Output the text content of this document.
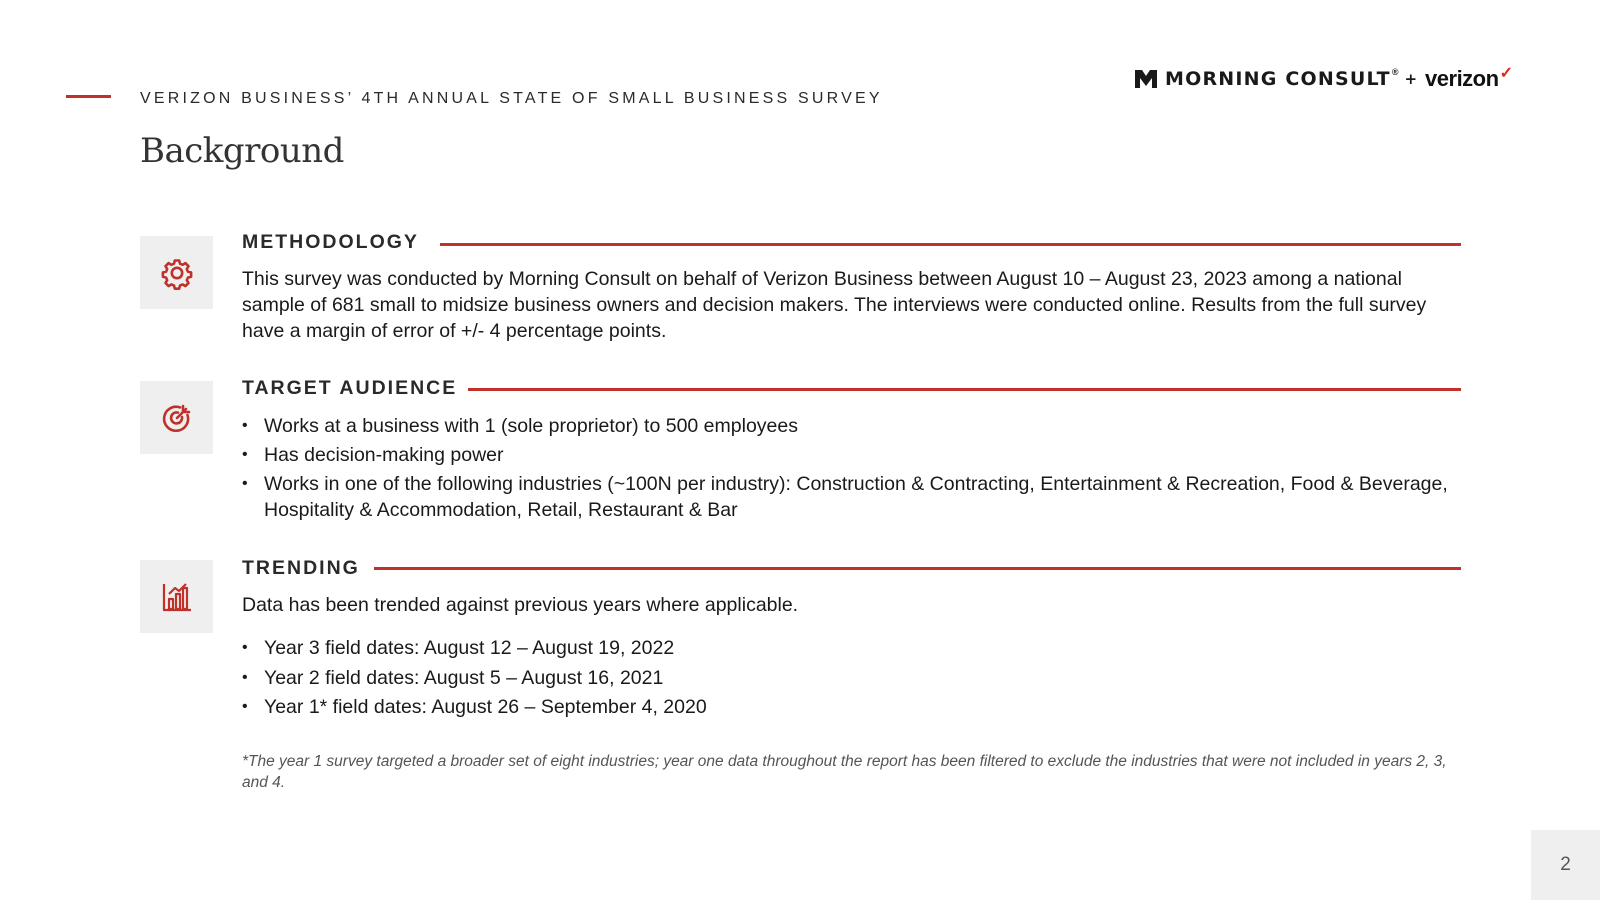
VERIZON BUSINESS’ 4TH ANNUAL STATE OF SMALL BUSINESS SURVEY
Background
MORNING CONSULT ® + verizon ✓
METHODOLOGY

This survey was conducted by Morning Consult on behalf of Verizon Business between August 10 – August 23, 2023 among a national sample of 681 small to midsize business owners and decision makers. The interviews were conducted online. Results from the full survey have a margin of error of +/- 4 percentage points.

TARGET AUDIENCE
• Works at a business with 1 (sole proprietor) to 500 employees
• Has decision-making power
• Works in one of the following industries (~100N per industry): Construction & Contracting, Entertainment & Recreation, Food & Beverage, Hospitality & Accommodation, Retail, Restaurant & Bar
TRENDING

Data has been trended against previous years where applicable.

• Year 3 field dates: August 12 – August 19, 2022
• Year 2 field dates: August 5 – August 16, 2021
• Year 1* field dates: August 26 – September 4, 2020

*The year 1 survey targeted a broader set of eight industries; year one data throughout the report has been filtered to exclude the industries that were not included in years 2, 3, and 4.

2
